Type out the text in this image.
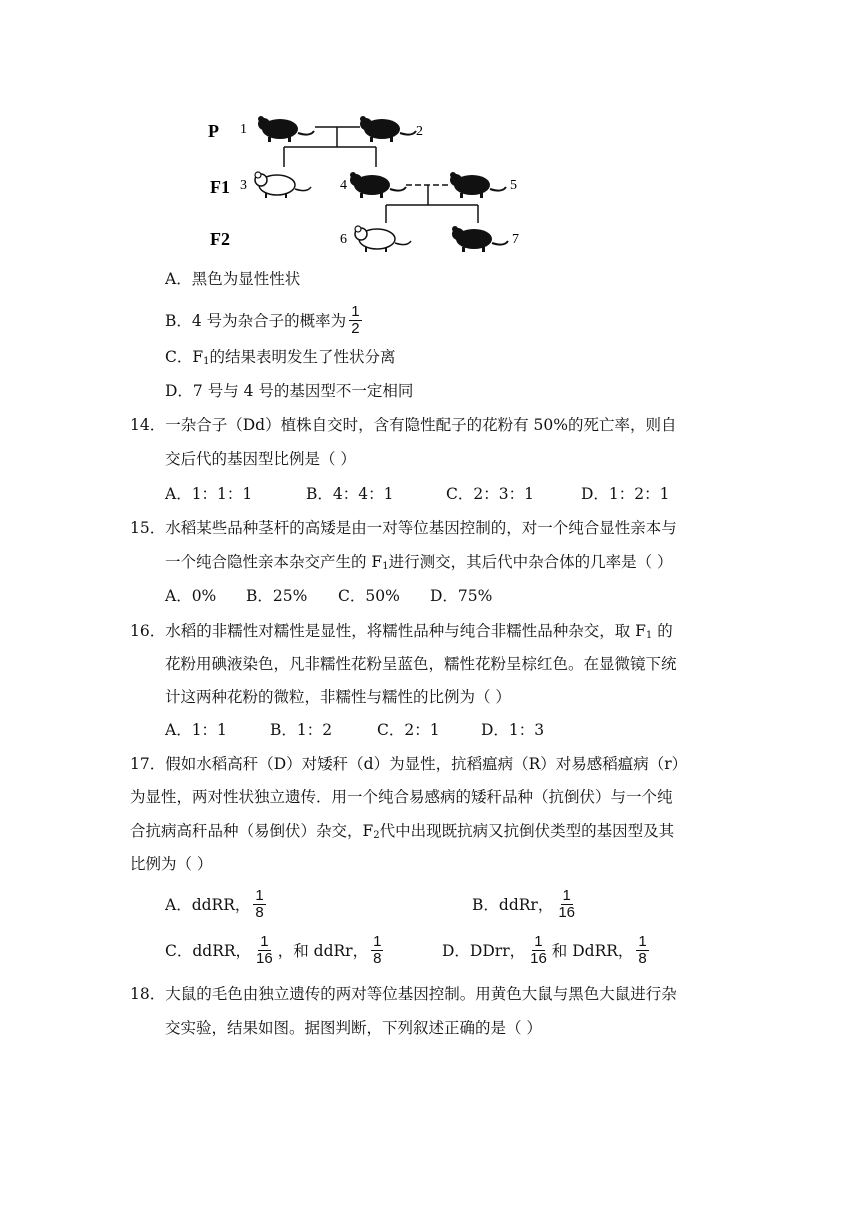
P
F1
F2
1	2
3	4	5
6	7
A．黑色为显性性状
B．4 号为杂合子的概率为 $\frac{1}{2}$
C．$F_1$的结果表明发生了性状分离
D．7 号与 4 号的基因型不一定相同
14．一杂合子（Dd）植株自交时，含有隐性配子的花粉有 50%的死亡率，则自
交后代的基因型比例是（ ）
A．1：1：1	B．4：4：1	C．2：3：1	D．1：2：1
15．水稻某些品种茎杆的高矮是由一对等位基因控制的，对一个纯合显性亲本与
一个纯合隐性亲本杂交产生的 $F_1$进行测交，其后代中杂合体的几率是（ ）
A．0% B．25% C．50% D．75%
16．水稻的非糯性对糯性是显性，将糯性品种与纯合非糯性品种杂交，取 $F_1$ 的
花粉用碘液染色，凡非糯性花粉呈蓝色，糯性花粉呈棕红色。在显微镜下统
计这两种花粉的微粒，非糯性与糯性的比例为（ ）
A．1：1	B．1：2	C．2：1	D．1：3
17．假如水稻高秆（D）对矮秆（d）为显性，抗稻瘟病（R）对易感稻瘟病（r）
为显性，两对性状独立遗传．用一个纯合易感病的矮秆品种（抗倒伏）与一个纯
合抗病高秆品种（易倒伏）杂交，$F_2$代中出现既抗病又抗倒伏类型的基因型及其
比例为（ ）
A．ddRR， $\frac{1}{8}$	B．ddRr， $\frac{1}{16}$
C．ddRR， $\frac{1}{16}$ ，和 ddRr， $\frac{1}{8}$	D．DDrr， $\frac{1}{16}$ 和 DdRR， $\frac{1}{8}$
18．大鼠的毛色由独立遗传的两对等位基因控制。用黄色大鼠与黑色大鼠进行杂
交实验，结果如图。据图判断，下列叙述正确的是（ ）
